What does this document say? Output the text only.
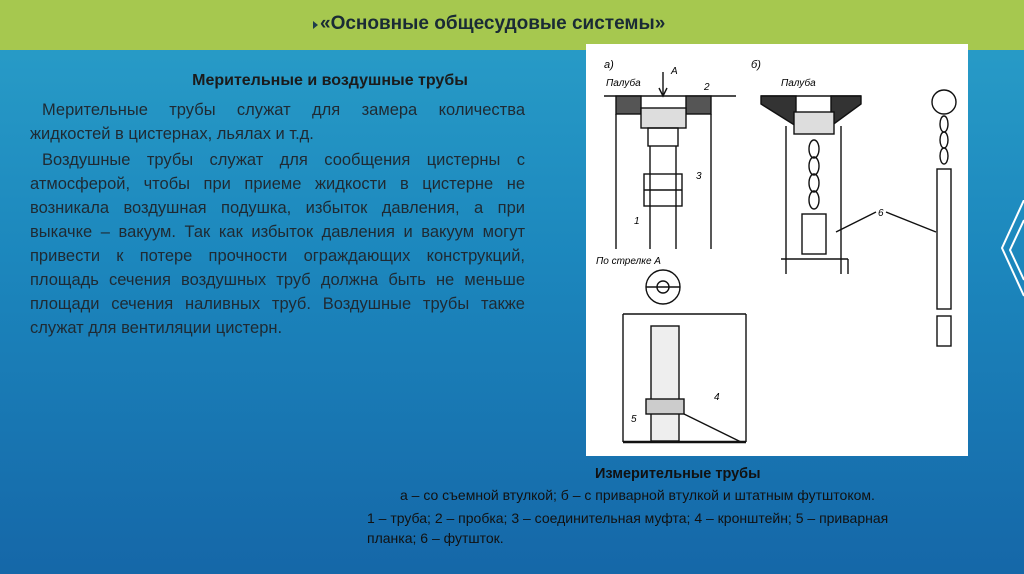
«Основные общесудовые системы»
Мерительные и воздушные трубы
Мерительные трубы служат для замера количества жидкостей в цистернах, льялах и т.д.
Воздушные трубы служат для сообщения цистерны с атмосферой, чтобы при приеме жидкости в цистерне не возникала воздушная подушка, избыток давления, а при выкачке – вакуум. Так как избыток давления и вакуум могут привести к потере прочности ограждающих конструкций, площадь сечения воздушных труб должна быть не меньше площади сечения наливных труб. Воздушные трубы также служат для вентиляции цистерн.
а)	б)
Палуба	Палуба
А
По стрелке А
1
2
3
4
5
6
Измерительные трубы
а – со съемной втулкой; б – с приварной втулкой и штатным футштоком.
1 – труба; 2 – пробка; 3 – соединительная муфта; 4 – кронштейн; 5 – приварная
планка; 6 – футшток.
